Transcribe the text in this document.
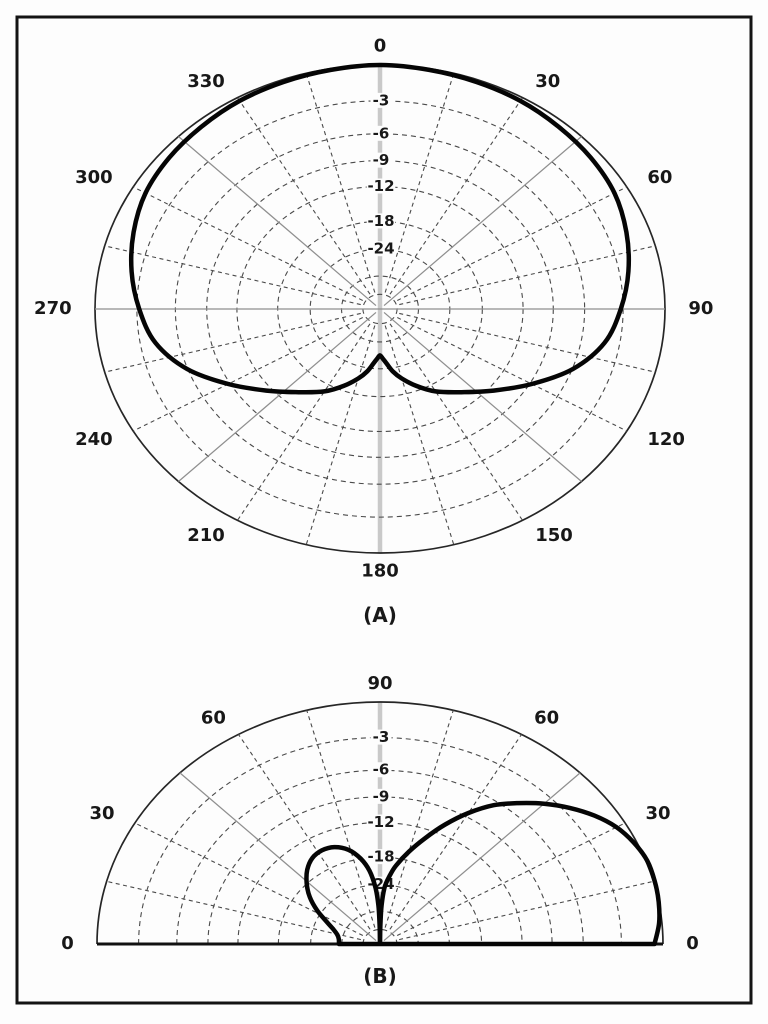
-3
-6
-9
-12
-18
-24
0
30
60
90
120
150
180
210
240
270
300
330
(A)
-3
-6
-9
-12
-18
-24
90
60
60
30
30
0
0
(B)
